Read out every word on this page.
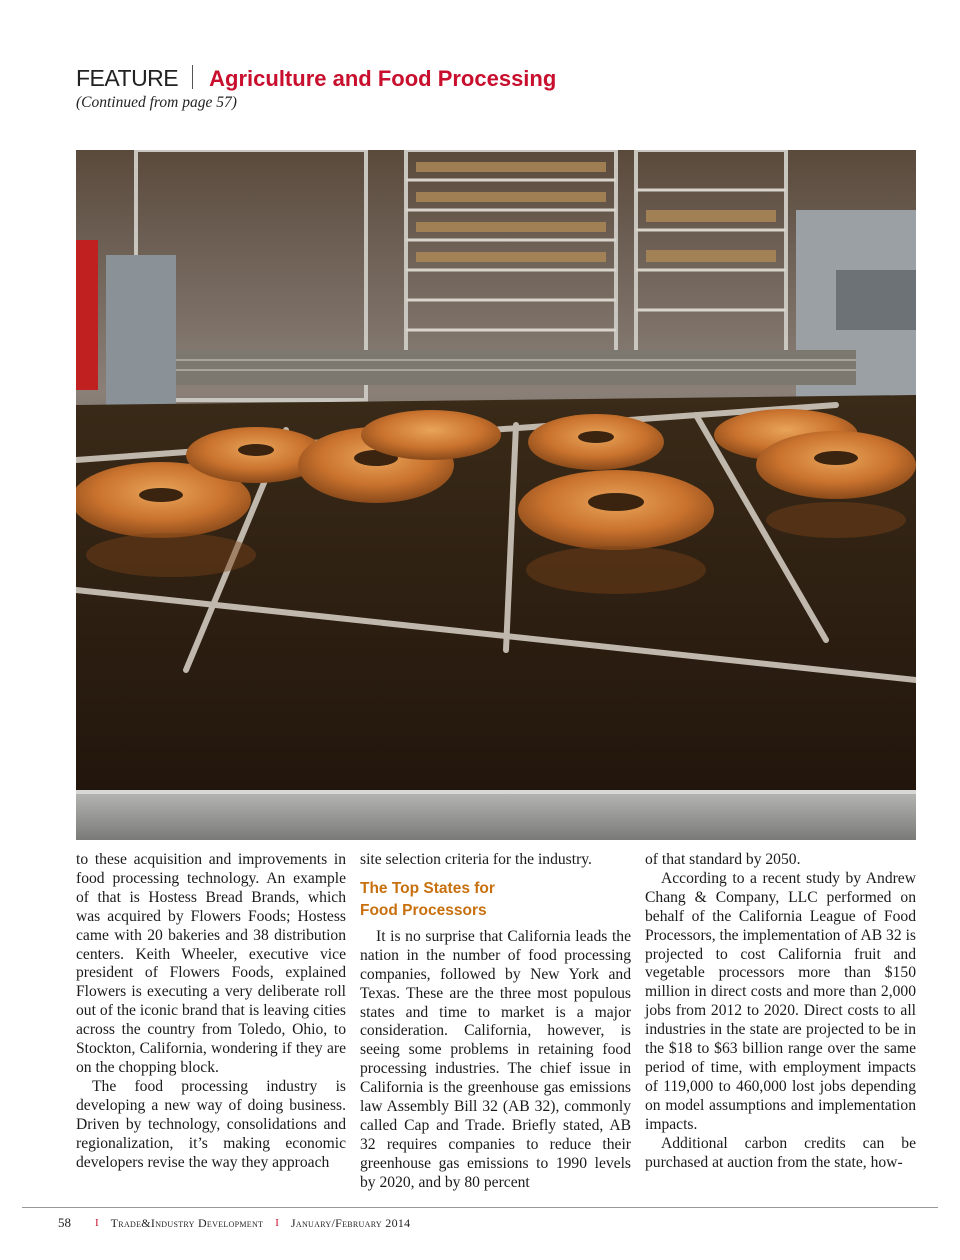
FEATURE Agriculture and Food Processing
(Continued from page 57)

to these acquisition and improvements in food processing technology. An example of that is Hostess Bread Brands, which was acquired by Flowers Foods; Hostess came with 20 bakeries and 38 distribution centers. Keith Wheeler, executive vice president of Flowers Foods, explained Flowers is executing a very deliberate roll out of the iconic brand that is leaving cities across the country from Toledo, Ohio, to Stockton, California, wondering if they are on the chopping block.

The food processing industry is developing a new way of doing business. Driven by technology, consolidations and regionalization, it’s making economic developers revise the way they approach

site selection criteria for the industry.

The Top States for
Food Processors

It is no surprise that California leads the nation in the number of food processing companies, followed by New York and Texas. These are the three most populous states and time to market is a major consideration. California, however, is seeing some problems in retaining food processing industries. The chief issue in California is the greenhouse gas emissions law Assembly Bill 32 (AB 32), commonly called Cap and Trade. Briefly stated, AB 32 requires companies to reduce their greenhouse gas emissions to 1990 levels by 2020, and by 80 percent

of that standard by 2050.

According to a recent study by Andrew Chang & Company, LLC performed on behalf of the California League of Food Processors, the implementation of AB 32 is projected to cost California fruit and vegetable processors more than $150 million in direct costs and more than 2,000 jobs from 2012 to 2020. Direct costs to all industries in the state are projected to be in the $18 to $63 billion range over the same period of time, with employment impacts of 119,000 to 460,000 lost jobs depending on model assumptions and implementation impacts.

Additional carbon credits can be purchased at auction from the state, how-

58 I Trade&Industry Development I January/February 2014
